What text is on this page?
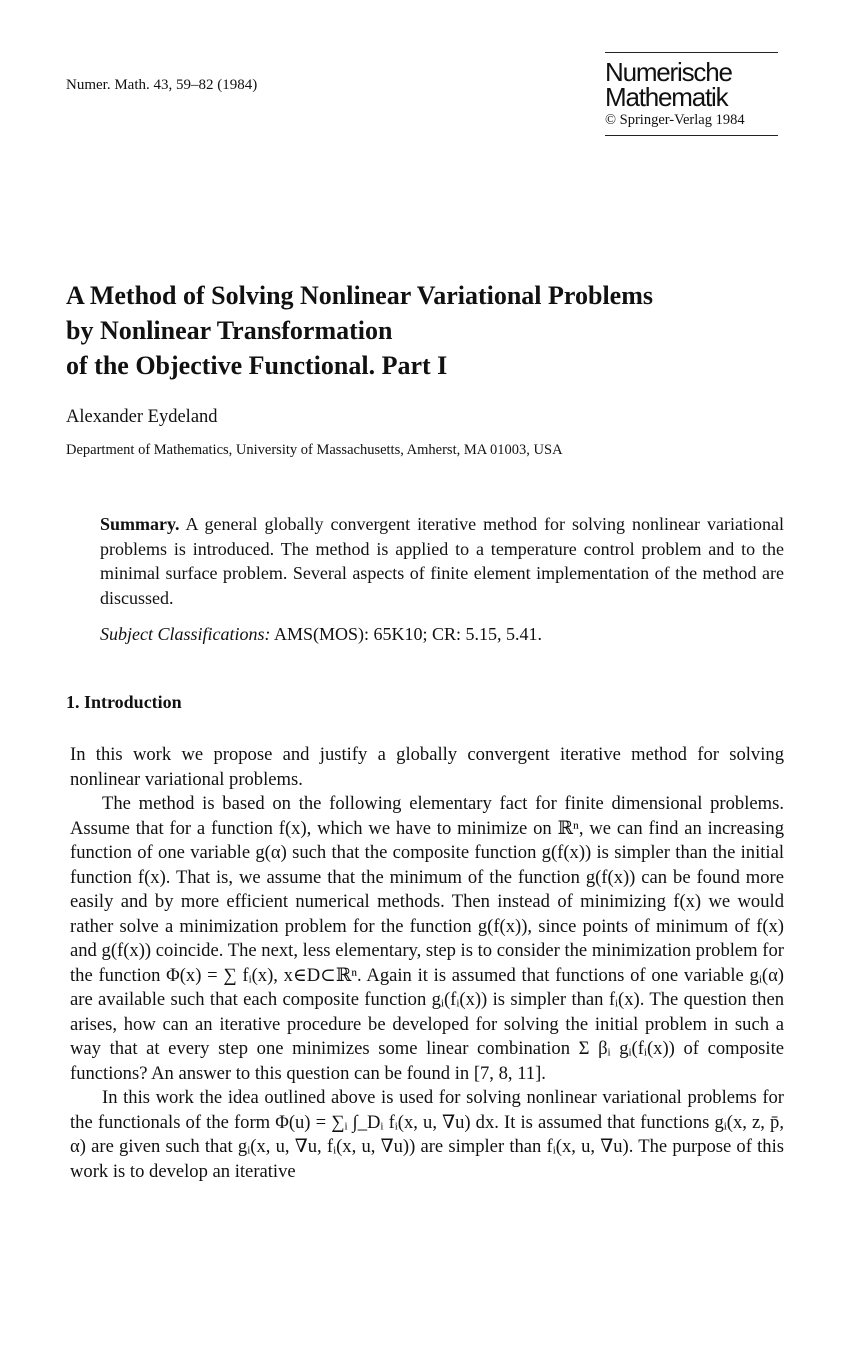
Numer. Math. 43, 59–82 (1984)	Numerische
Mathematik
© Springer-Verlag 1984
A Method of Solving Nonlinear Variational Problems
by Nonlinear Transformation
of the Objective Functional. Part I
Alexander Eydeland
Department of Mathematics, University of Massachusetts, Amherst, MA 01003, USA
Summary. A general globally convergent iterative method for solving nonlinear variational problems is introduced. The method is applied to a temperature control problem and to the minimal surface problem. Several aspects of finite element implementation of the method are discussed.
Subject Classifications: AMS(MOS): 65K10; CR: 5.15, 5.41.
1. Introduction

In this work we propose and justify a globally convergent iterative method for solving nonlinear variational problems.

The method is based on the following elementary fact for finite dimensional problems. Assume that for a function f(x), which we have to minimize on ℝⁿ, we can find an increasing function of one variable g(α) such that the composite function g(f(x)) is simpler than the initial function f(x). That is, we assume that the minimum of the function g(f(x)) can be found more easily and by more efficient numerical methods. Then instead of minimizing f(x) we would rather solve a minimization problem for the function g(f(x)), since points of minimum of f(x) and g(f(x)) coincide. The next, less elementary, step is to consider the minimization problem for the function Φ(x) = ∑ fᵢ(x), x∈D⊂ℝⁿ. Again it is assumed that functions of one variable gᵢ(α) are available such that each composite function gᵢ(fᵢ(x)) is simpler than fᵢ(x). The question then arises, how can an iterative procedure be developed for solving the initial problem in such a way that at every step one minimizes some linear combination Σ βᵢ gᵢ(fᵢ(x)) of composite functions? An answer to this question can be found in [7, 8, 11].

In this work the idea outlined above is used for solving nonlinear variational problems for the functionals of the form Φ(u) = ∑ᵢ ∫_Dᵢ fᵢ(x, u, ∇u) dx. It is assumed that functions gᵢ(x, z, p̄, α) are given such that gᵢ(x, u, ∇u, fᵢ(x, u, ∇u)) are simpler than fᵢ(x, u, ∇u). The purpose of this work is to develop an iterative
